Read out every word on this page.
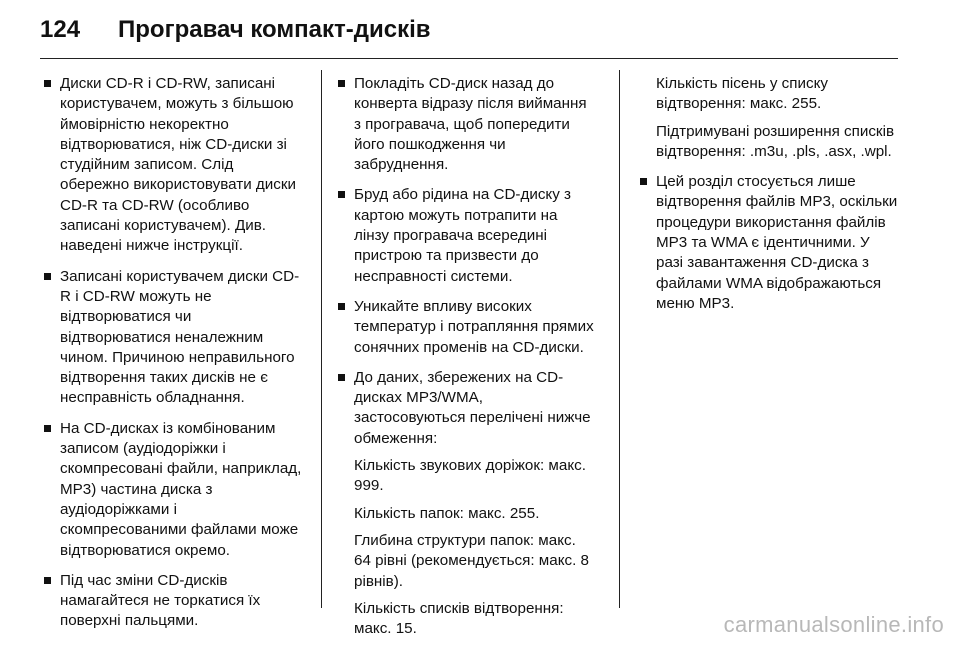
124 Програвач компакт-дисків
Диски CD-R і CD-RW, записані користувачем, можуть з більшою ймовірністю некоректно відтворюватися, ніж CD-диски зі студійним записом. Слід обережно використовувати диски CD-R та CD-RW (особливо записані користувачем). Див. наведені нижче інструкції.
Записані користувачем диски CD-R і CD-RW можуть не відтворюватися чи відтворюватися неналежним чином. Причиною неправильного відтворення таких дисків не є несправність обладнання.
На CD-дисках із комбінованим записом (аудіодоріжки і скомпресовані файли, наприклад, MP3) частина диска з аудіодоріжками і скомпресованими файлами може відтворюватися окремо.
Під час зміни CD-дисків намагайтеся не торкатися їх поверхні пальцями.
Покладіть CD-диск назад до конверта відразу після виймання з програвача, щоб попередити його пошкодження чи забруднення.
Бруд або рідина на CD-диску з картою можуть потрапити на лінзу програвача всередині пристрою та призвести до несправності системи.
Уникайте впливу високих температур і потрапляння прямих сонячних променів на CD-диски.
До даних, збережених на CD-дисках MP3/WMA, застосовуються перелічені нижче обмеження:
Кількість звукових доріжок: макс. 999.
Кількість папок: макс. 255.
Глибина структури папок: макс. 64 рівні (рекомендується: макс. 8 рівнів).
Кількість списків відтворення: макс. 15.
Кількість пісень у списку відтворення: макс. 255.
Підтримувані розширення списків відтворення: .m3u, .pls, .asx, .wpl.
Цей розділ стосується лише відтворення файлів MP3, оскільки процедури використання файлів MP3 та WMA є ідентичними. У разі завантаження CD-диска з файлами WMA відображаються меню MP3.
carmanualsonline.info
